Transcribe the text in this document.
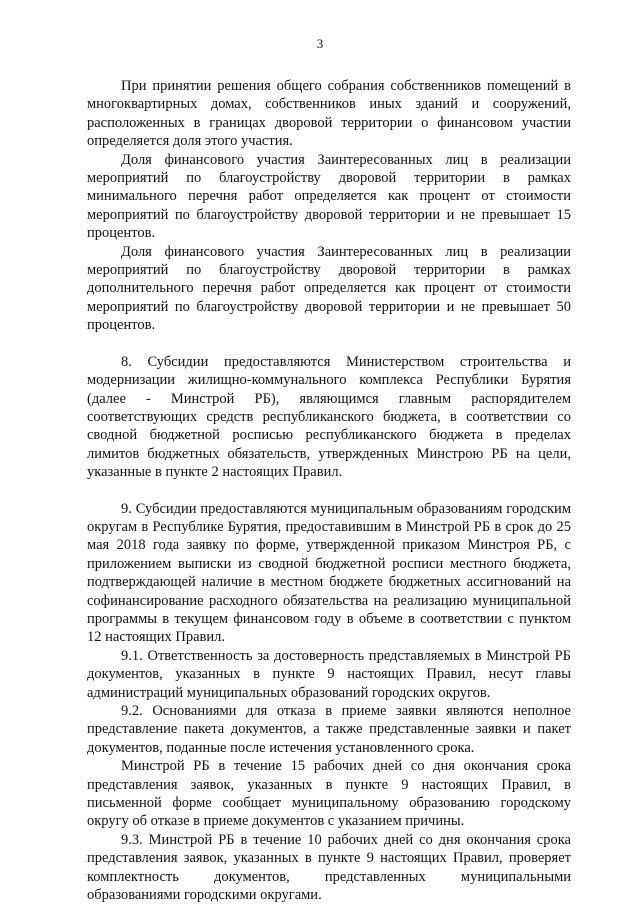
3

При принятии решения общего собрания собственников помещений в многоквартирных домах, собственников иных зданий и сооружений, расположенных в границах дворовой территории о финансовом участии определяется доля этого участия.

Доля финансового участия Заинтересованных лиц в реализации мероприятий по благоустройству дворовой территории в рамках минимального перечня работ определяется как процент от стоимости мероприятий по благоустройству дворовой территории и не превышает 15 процентов.

Доля финансового участия Заинтересованных лиц в реализации мероприятий по благоустройству дворовой территории в рамках дополнительного перечня работ определяется как процент от стоимости мероприятий по благоустройству дворовой территории и не превышает 50 процентов.

8. Субсидии предоставляются Министерством строительства и модернизации жилищно-коммунального комплекса Республики Бурятия (далее - Минстрой РБ), являющимся главным распорядителем соответствующих средств республиканского бюджета, в соответствии со сводной бюджетной росписью республиканского бюджета в пределах лимитов бюджетных обязательств, утвержденных Минстрою РБ на цели, указанные в пункте 2 настоящих Правил.

9. Субсидии предоставляются муниципальным образованиям городским округам в Республике Бурятия, предоставившим в Минстрой РБ в срок до 25 мая 2018 года заявку по форме, утвержденной приказом Минстроя РБ, с приложением выписки из сводной бюджетной росписи местного бюджета, подтверждающей наличие в местном бюджете бюджетных ассигнований на софинансирование расходного обязательства на реализацию муниципальной программы в текущем финансовом году в объеме в соответствии с пунктом 12 настоящих Правил.

9.1. Ответственность за достоверность представляемых в Минстрой РБ документов, указанных в пункте 9 настоящих Правил, несут главы администраций муниципальных образований городских округов.

9.2. Основаниями для отказа в приеме заявки являются неполное представление пакета документов, а также представленные заявки и пакет документов, поданные после истечения установленного срока.

Минстрой РБ в течение 15 рабочих дней со дня окончания срока представления заявок, указанных в пункте 9 настоящих Правил, в письменной форме сообщает муниципальному образованию городскому округу об отказе в приеме документов с указанием причины.

9.3. Минстрой РБ в течение 10 рабочих дней со дня окончания срока представления заявок, указанных в пункте 9 настоящих Правил, проверяет комплектность документов, представленных муниципальными образованиями городскими округами.
